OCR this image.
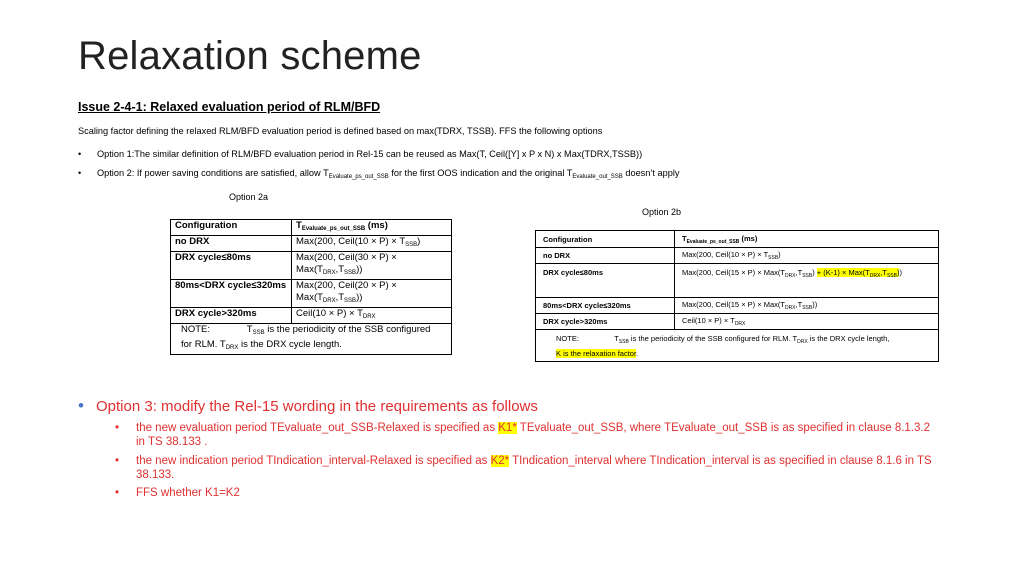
Relaxation scheme
Issue 2-4-1: Relaxed evaluation period of RLM/BFD
Scaling factor defining the relaxed RLM/BFD evaluation period is defined based on max(TDRX, TSSB). FFS the following options
• Option 1:The similar definition of RLM/BFD evaluation period in Rel-15 can be reused as Max(T, Ceil([Y] x P x N) x Max(TDRX,TSSB))
• Option 2: If power saving conditions are satisfied, allow $T_{Evaluate\_ps\_out\_SSB}$ for the first OOS indication and the original $T_{Evaluate\_out\_SSB}$ doesn’t apply
Option 2a
Option 2b
Configuration	$T_{Evaluate\_ps\_out\_SSB}$ (ms)
no DRX	Max(200, Ceil(10 × $P) \times T_{SSB}$)
DRX cycle≤80ms	Max(200, Ceil(30 × $P) \times Max(T_{DRX},T_{SSB})$)
80ms<DRX cycle≤320ms	Max(200, Ceil(20 × $P) \times Max(T_{DRX},T_{SSB})$)
DRX cycle>320ms	Ceil(10 × $P) \times T_{DRX}$
NOTE:              $T_{SSB}$ is the periodicity of the SSB configured for RLM. $T_{DRX}$ is the DRX cycle length.	
Configuration	$T_{Evaluate\_ps\_out\_SSB}$ (ms)
no DRX	Max(200, Ceil(10 × $P) \times T_{SSB}$)
DRX cycle≤80ms	Max(200, Ceil(15 × $P) \times Max(T_{DRX},T_{SSB}) + (K-1) \times Max(T_{DRX},T_{SSB})$)
80ms<DRX cycle≤320ms	Max(200, Ceil(15 × $P) \times Max(T_{DRX},T_{SSB})$)
DRX cycle>320ms	Ceil(10 × $P) \times T_{DRX}$
NOTE:                 $T_{SSB}$ is the periodicity of the SSB configured for RLM. $T_{DRX}$ is the DRX cycle length,
K is the relaxation factor.	
• Option 3: modify the Rel-15 wording in the requirements as follows
• the new evaluation period TEvaluate_out_SSB-Relaxed is specified as K1* TEvaluate_out_SSB, where TEvaluate_out_SSB is as specified in clause 8.1.3.2 in TS 38.133 .
• the new indication period TIndication_interval-Relaxed is specified as K2* TIndication_interval where TIndication_interval is as specified in clause 8.1.6 in TS 38.133.
• FFS whether K1=K2
